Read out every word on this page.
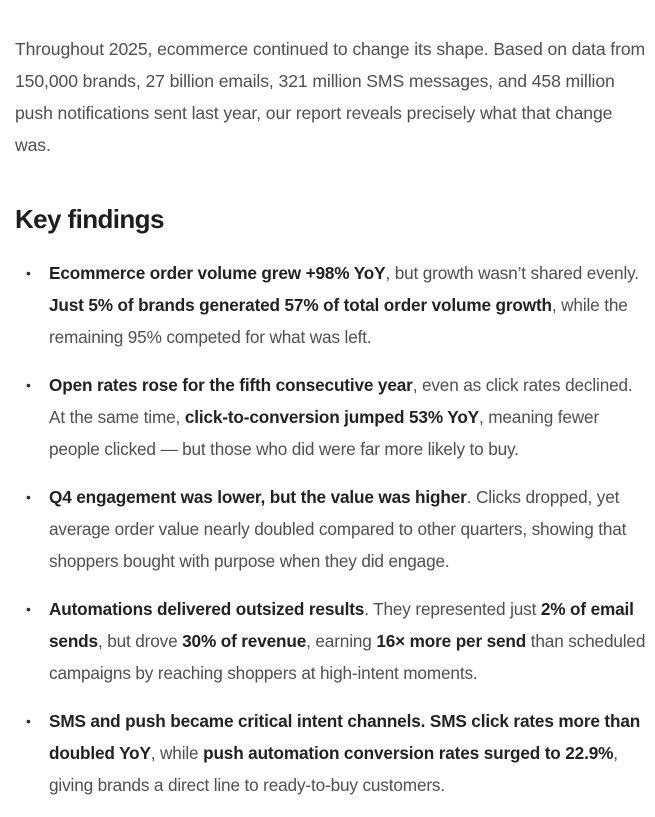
Throughout 2025, ecommerce continued to change its shape. Based on data from 150,000 brands, 27 billion emails, 321 million SMS messages, and 458 million push notifications sent last year, our report reveals precisely what that change was.

Key findings
• Ecommerce order volume grew +98% YoY, but growth wasn’t shared evenly. Just 5% of brands generated 57% of total order volume growth, while the remaining 95% competed for what was left.
• Open rates rose for the fifth consecutive year, even as click rates declined. At the same time, click-to-conversion jumped 53% YoY, meaning fewer people clicked — but those who did were far more likely to buy.
• Q4 engagement was lower, but the value was higher. Clicks dropped, yet average order value nearly doubled compared to other quarters, showing that shoppers bought with purpose when they did engage.
• Automations delivered outsized results. They represented just 2% of email sends, but drove 30% of revenue, earning 16× more per send than scheduled campaigns by reaching shoppers at high-intent moments.
• SMS and push became critical intent channels. SMS click rates more than doubled YoY, while push automation conversion rates surged to 22.9%, giving brands a direct line to ready-to-buy customers.
